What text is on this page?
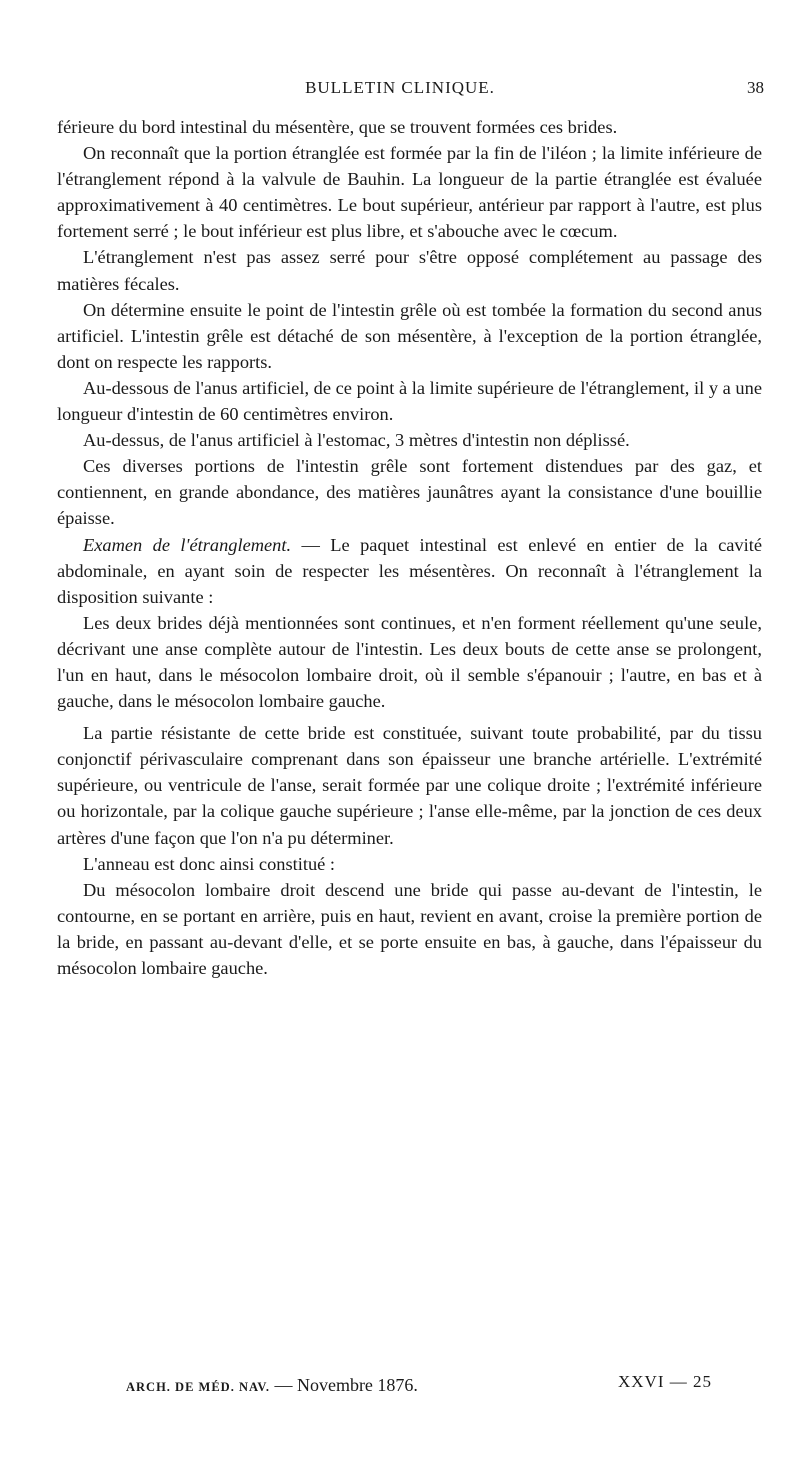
BULLETIN CLINIQUE.	38

férieure du bord intestinal du mésentère, que se trouvent formées ces brides.

On reconnaît que la portion étranglée est formée par la fin de l'iléon ; la limite inférieure de l'étranglement répond à la valvule de Bauhin. La longueur de la partie étranglée est évaluée approximativement à 40 centimètres. Le bout supérieur, antérieur par rapport à l'autre, est plus fortement serré ; le bout inférieur est plus libre, et s'abouche avec le cœcum.

L'étranglement n'est pas assez serré pour s'être opposé complétement au passage des matières fécales.

On détermine ensuite le point de l'intestin grêle où est tombée la formation du second anus artificiel. L'intestin grêle est détaché de son mésentère, à l'exception de la portion étranglée, dont on respecte les rapports.

Au-dessous de l'anus artificiel, de ce point à la limite supérieure de l'étranglement, il y a une longueur d'intestin de 60 centimètres environ.

Au-dessus, de l'anus artificiel à l'estomac, 3 mètres d'intestin non déplissé.

Ces diverses portions de l'intestin grêle sont fortement distendues par des gaz, et contiennent, en grande abondance, des matières jaunâtres ayant la consistance d'une bouillie épaisse.

Examen de l'étranglement. — Le paquet intestinal est enlevé en entier de la cavité abdominale, en ayant soin de respecter les mésentères. On reconnaît à l'étranglement la disposition suivante :

Les deux brides déjà mentionnées sont continues, et n'en forment réellement qu'une seule, décrivant une anse complète autour de l'intestin. Les deux bouts de cette anse se prolongent, l'un en haut, dans le mésocolon lombaire droit, où il semble s'épanouir ; l'autre, en bas et à gauche, dans le mésocolon lombaire gauche.

La partie résistante de cette bride est constituée, suivant toute probabilité, par du tissu conjonctif périvasculaire comprenant dans son épaisseur une branche artérielle. L'extrémité supérieure, ou ventricule de l'anse, serait formée par une colique droite ; l'extrémité inférieure ou horizontale, par la colique gauche supérieure ; l'anse elle-même, par la jonction de ces deux artères d'une façon que l'on n'a pu déterminer.

L'anneau est donc ainsi constitué :

Du mésocolon lombaire droit descend une bride qui passe au-devant de l'intestin, le contourne, en se portant en arrière, puis en haut, revient en avant, croise la première portion de la bride, en passant au-devant d'elle, et se porte ensuite en bas, à gauche, dans l'épaisseur du mésocolon lombaire gauche.

ARCH. DE MÉD. NAV. — Novembre 1876.	XXVI — 25
